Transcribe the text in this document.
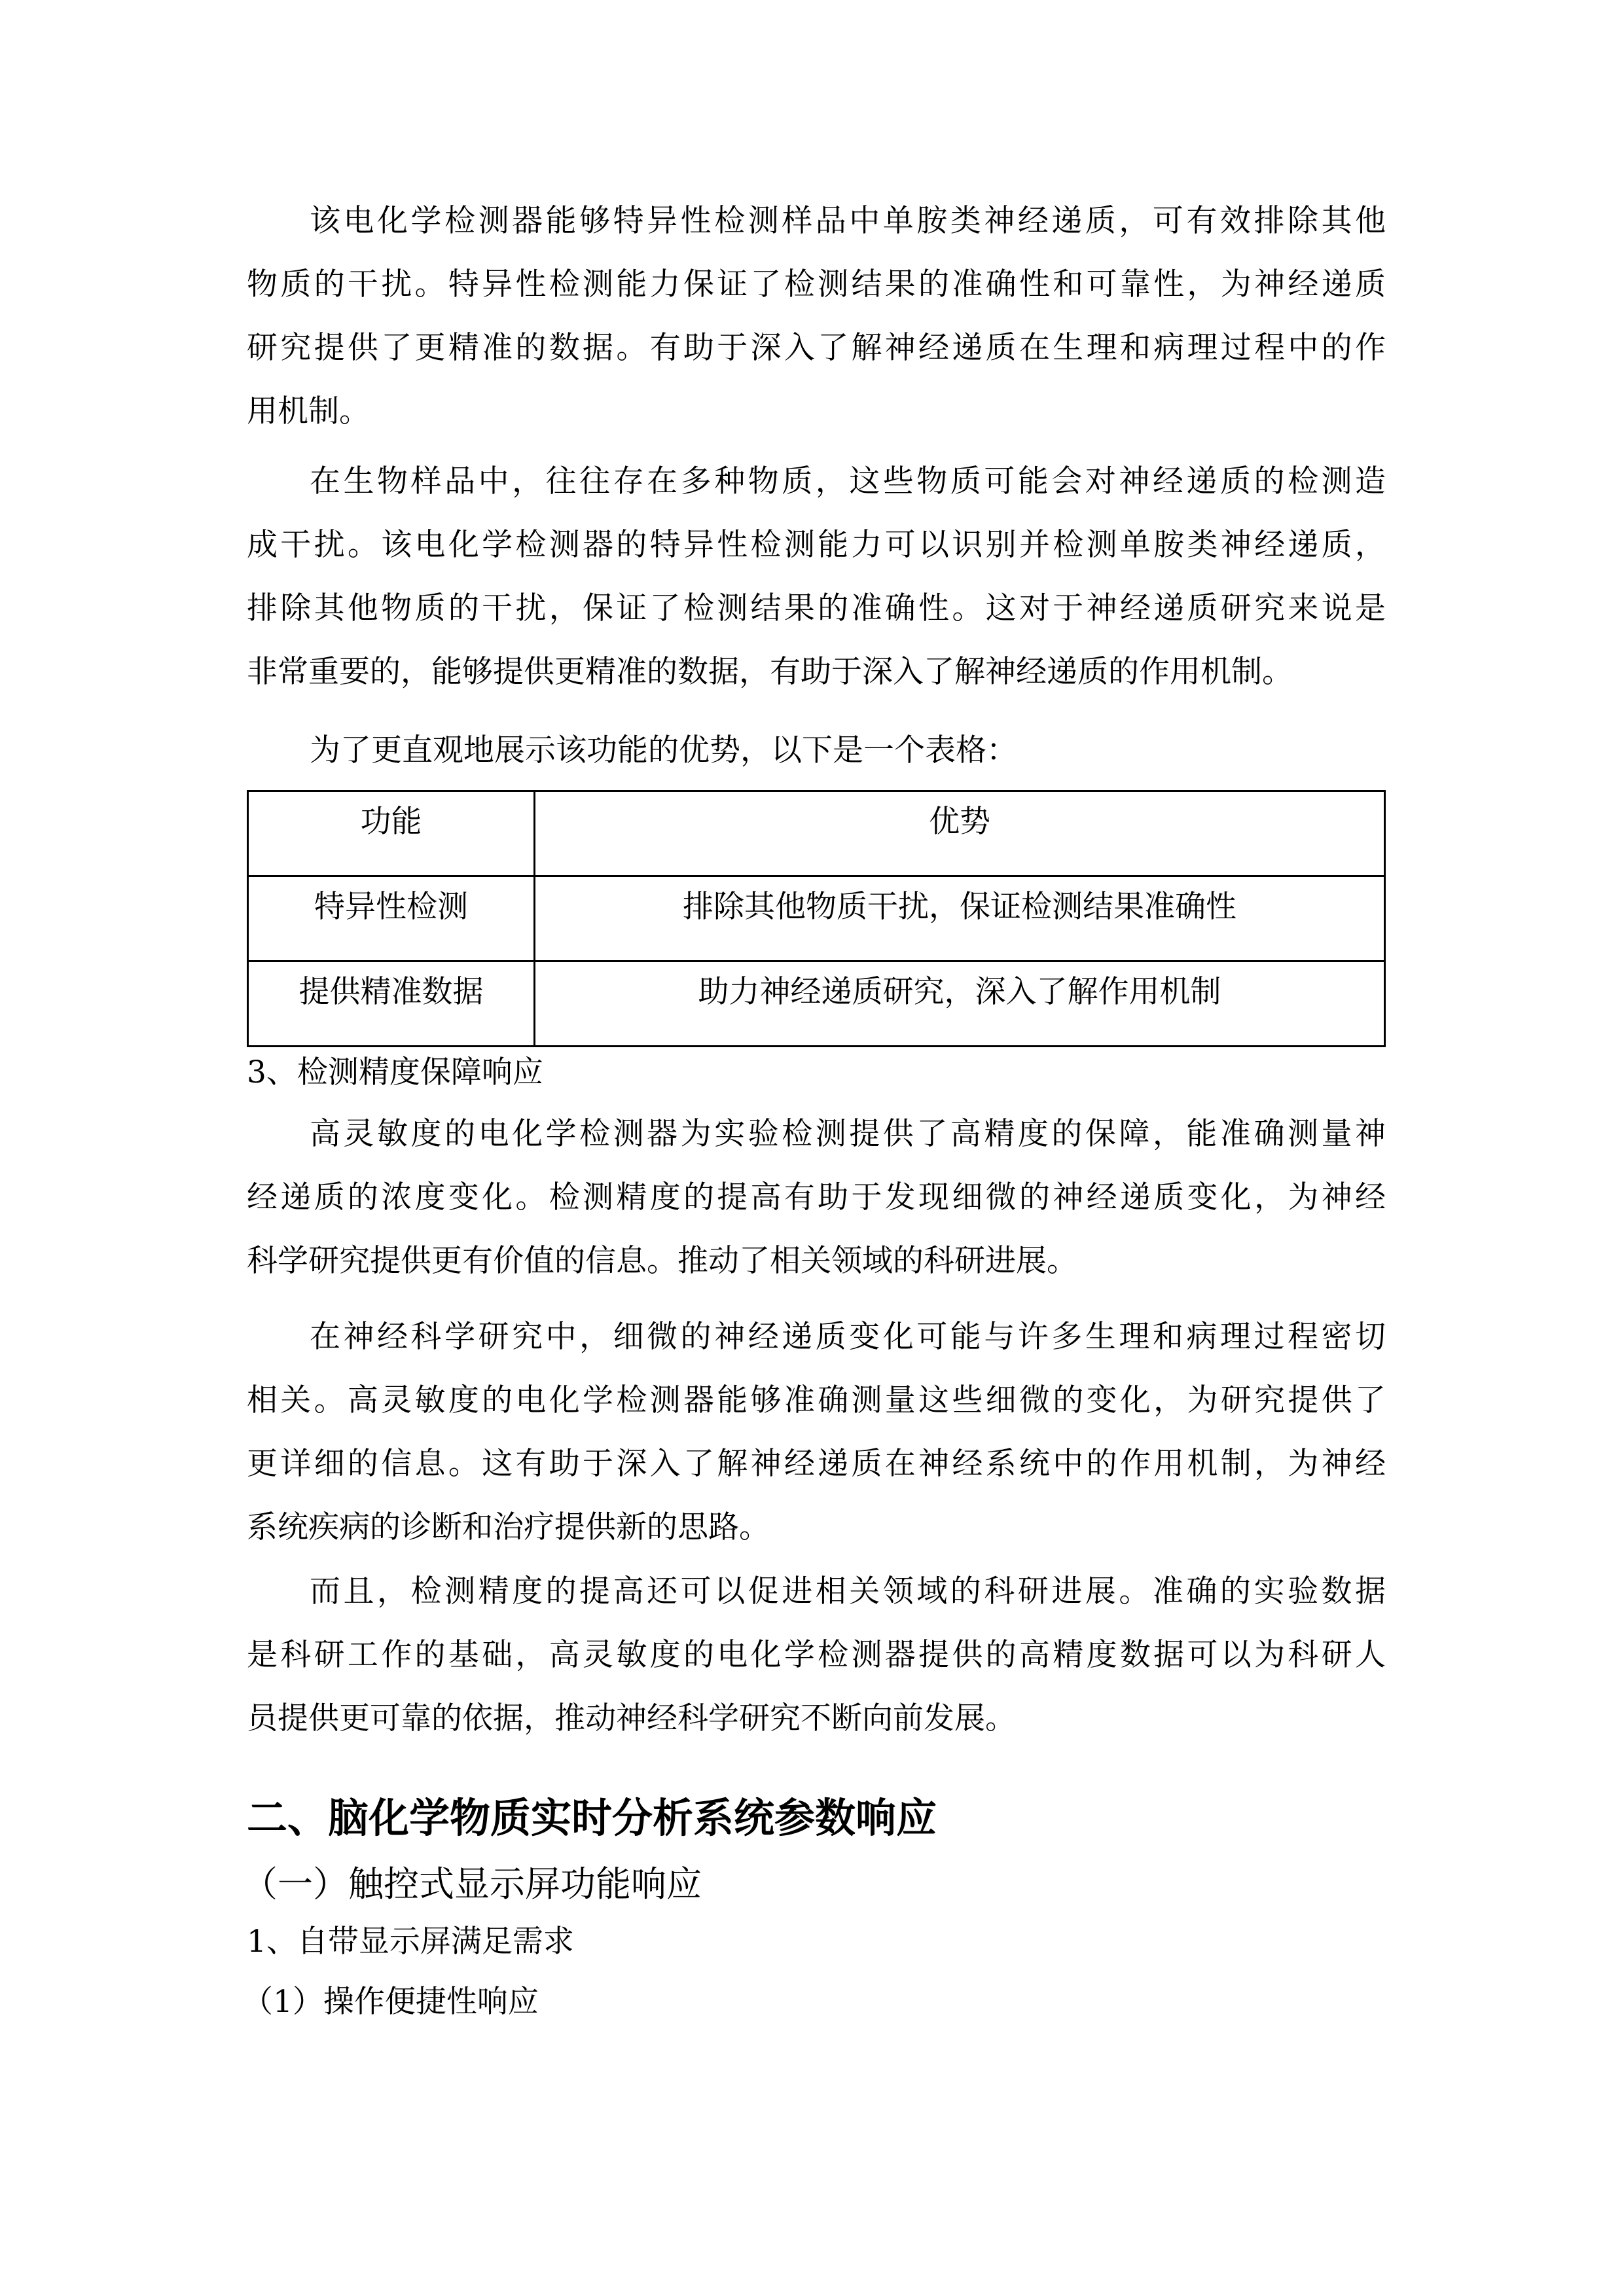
该电化学检测器能够特异性检测样品中单胺类神经递质，可有效排除其他
物质的干扰。特异性检测能力保证了检测结果的准确性和可靠性，为神经递质
研究提供了更精准的数据。有助于深入了解神经递质在生理和病理过程中的作
用机制。
在生物样品中，往往存在多种物质，这些物质可能会对神经递质的检测造
成干扰。该电化学检测器的特异性检测能力可以识别并检测单胺类神经递质，
排除其他物质的干扰，保证了检测结果的准确性。这对于神经递质研究来说是
非常重要的，能够提供更精准的数据，有助于深入了解神经递质的作用机制。
为了更直观地展示该功能的优势，以下是一个表格：
功能	优势
特异性检测	排除其他物质干扰，保证检测结果准确性
提供精准数据	助力神经递质研究，深入了解作用机制
3、检测精度保障响应
高灵敏度的电化学检测器为实验检测提供了高精度的保障，能准确测量神
经递质的浓度变化。检测精度的提高有助于发现细微的神经递质变化，为神经
科学研究提供更有价值的信息。推动了相关领域的科研进展。
在神经科学研究中，细微的神经递质变化可能与许多生理和病理过程密切
相关。高灵敏度的电化学检测器能够准确测量这些细微的变化，为研究提供了
更详细的信息。这有助于深入了解神经递质在神经系统中的作用机制，为神经
系统疾病的诊断和治疗提供新的思路。
而且，检测精度的提高还可以促进相关领域的科研进展。准确的实验数据
是科研工作的基础，高灵敏度的电化学检测器提供的高精度数据可以为科研人
员提供更可靠的依据，推动神经科学研究不断向前发展。
二、脑化学物质实时分析系统参数响应
（一）触控式显示屏功能响应
1、自带显示屏满足需求
（1）操作便捷性响应
